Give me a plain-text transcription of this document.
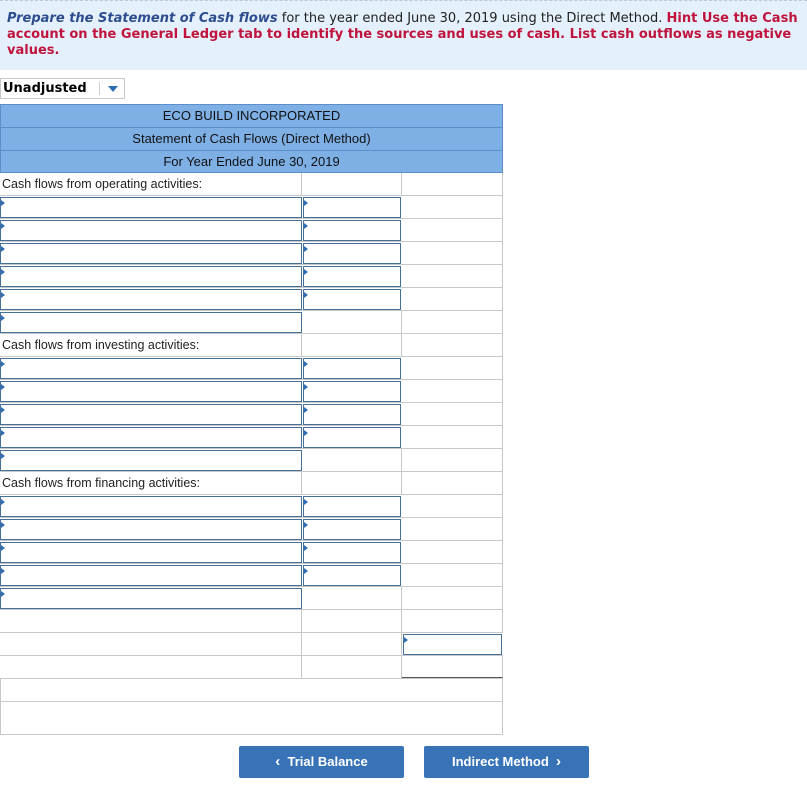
Prepare the Statement of Cash flows for the year ended June 30, 2019 using the Direct Method. Hint Use the Cash account on the General Ledger tab to identify the sources and uses of cash. List cash outflows as negative values.
Unadjusted
ECO BUILD INCORPORATED
Statement of Cash Flows (Direct Method)
For Year Ended June 30, 2019
Cash flows from operating activities:
Cash flows from investing activities:
Cash flows from financing activities:
‹ Trial Balance	Indirect Method ›
